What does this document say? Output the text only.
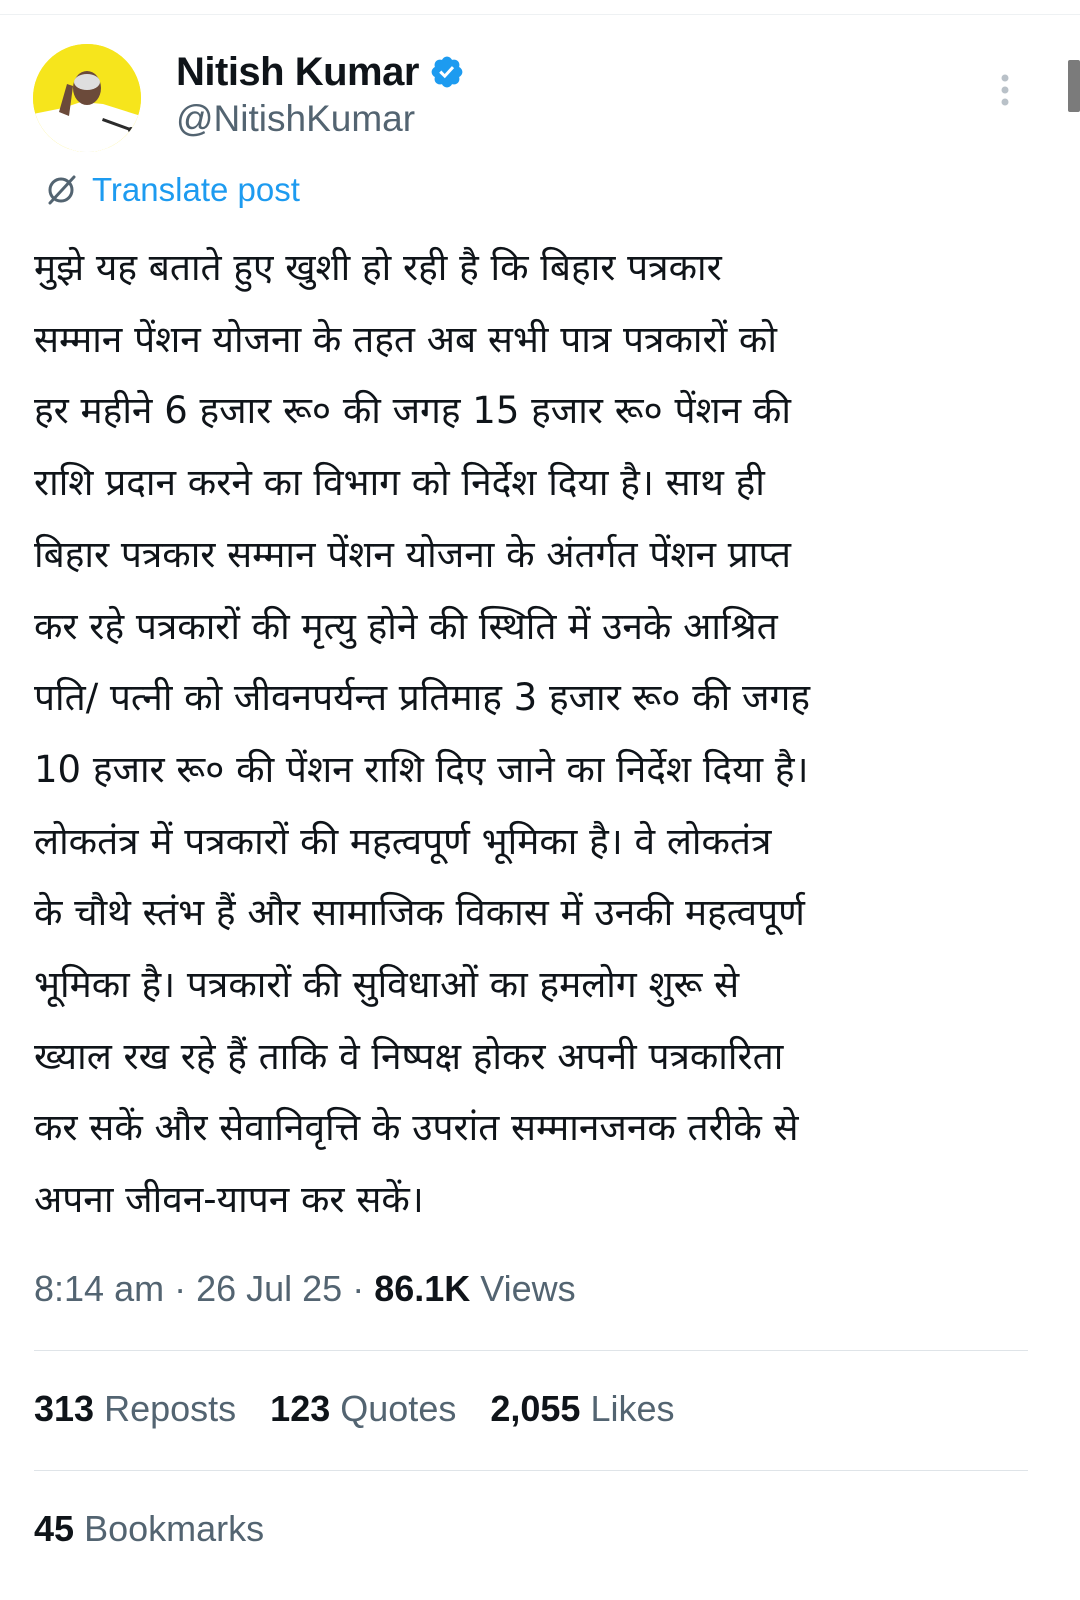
Nitish Kumar
@NitishKumar
Translate post
मुझे यह बताते हुए खुशी हो रही है कि बिहार पत्रकार
सम्मान पेंशन योजना के तहत अब सभी पात्र पत्रकारों को
हर महीने 6 हजार रू० की जगह 15 हजार रू० पेंशन की
राशि प्रदान करने का विभाग को निर्देश दिया है। साथ ही
बिहार पत्रकार सम्मान पेंशन योजना के अंतर्गत पेंशन प्राप्त
कर रहे पत्रकारों की मृत्यु होने की स्थिति में उनके आश्रित
पति/ पत्नी को जीवनपर्यन्त प्रतिमाह 3 हजार रू० की जगह
10 हजार रू० की पेंशन राशि दिए जाने का निर्देश दिया है।
लोकतंत्र में पत्रकारों की महत्वपूर्ण भूमिका है। वे लोकतंत्र
के चौथे स्तंभ हैं और सामाजिक विकास में उनकी महत्वपूर्ण
भूमिका है। पत्रकारों की सुविधाओं का हमलोग शुरू से
ख्याल रख रहे हैं ताकि वे निष्पक्ष होकर अपनी पत्रकारिता
कर सकें और सेवानिवृत्ति के उपरांत सम्मानजनक तरीके से
अपना जीवन-यापन कर सकें।
8:14 am · 26 Jul 25 · 86.1K Views
313 Reposts 123 Quotes 2,055 Likes
45 Bookmarks
